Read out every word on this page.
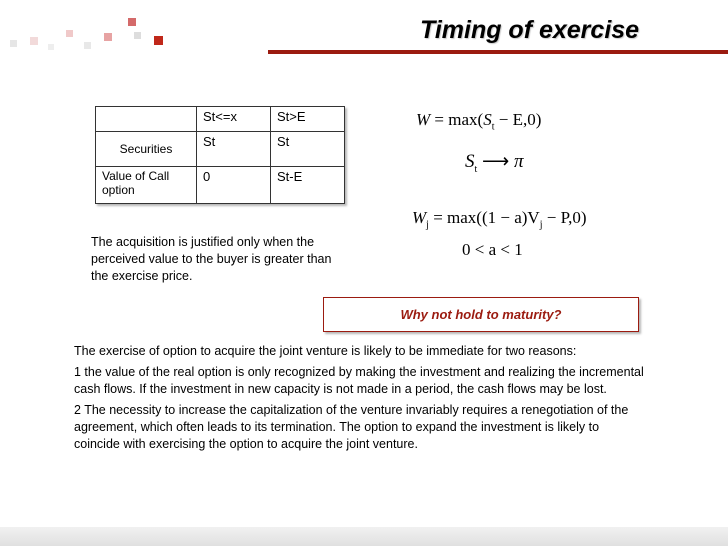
Timing of exercise
	St<=x	St>E
Securities	St	St
Value of Call option	0	St-E
$W = \max(S_t - E,0)$
$S_t$ ⟶ π
$W_j = \max((1 - a)V_j - P,0)$
0 < a < 1
The acquisition is justified only when the perceived value to the buyer is greater than the exercise price.
Why not hold to maturity?

The exercise of option to acquire the joint venture is likely to be immediate for two reasons:

1 the value of the real option is only recognized by making the investment and realizing the incremental cash flows. If the investment in new capacity is not made in a period, the cash flows may be lost.

2 The necessity to increase the capitalization of the venture invariably requires a renegotiation of the agreement, which often leads to its termination. The option to expand the investment is likely to coincide with exercising the option to acquire the joint venture.
